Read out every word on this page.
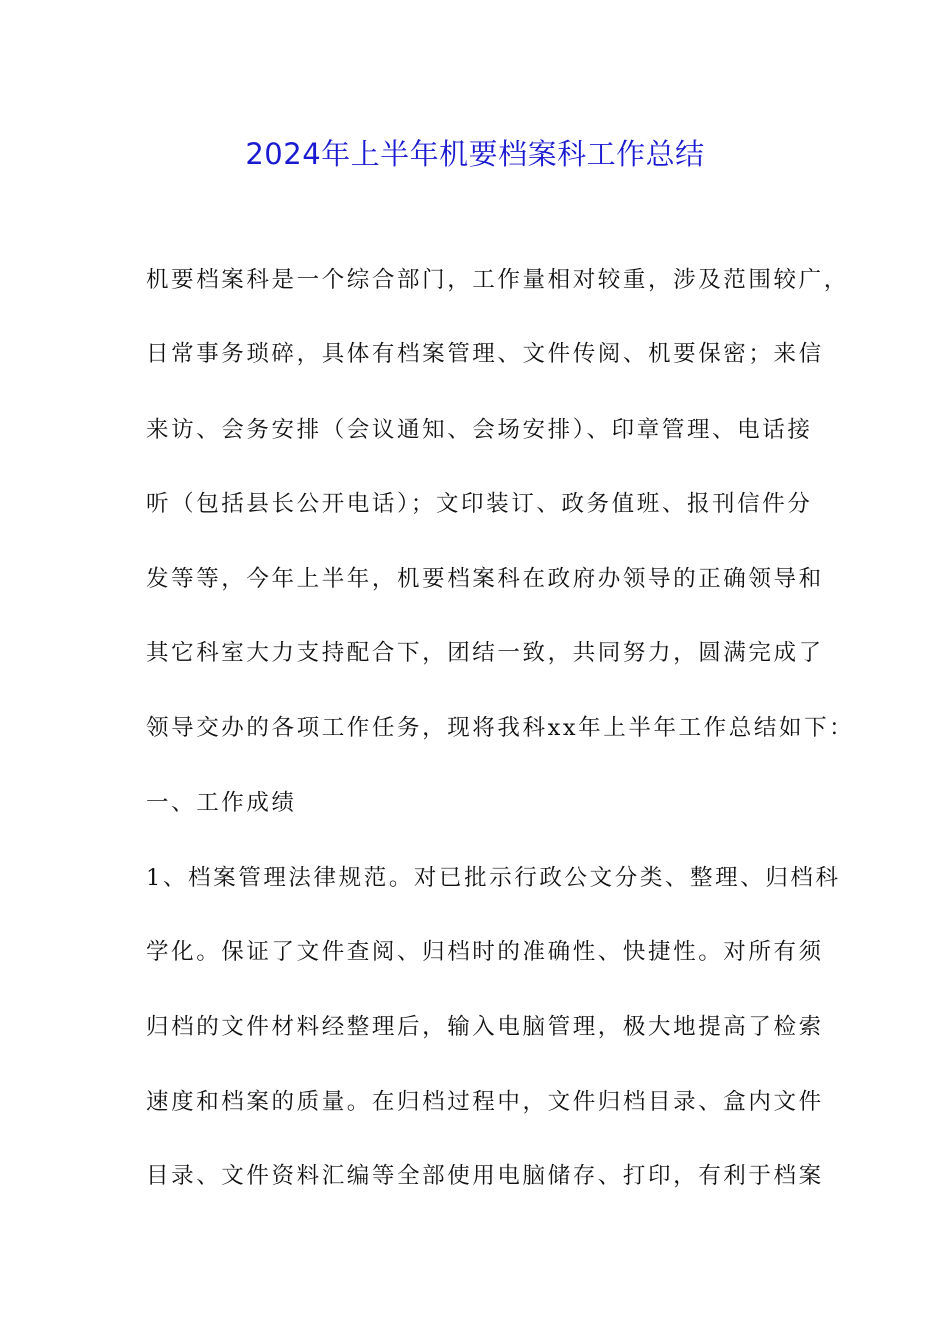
2024年上半年机要档案科工作总结
机要档案科是一个综合部门，工作量相对较重，涉及范围较广，
日常事务琐碎，具体有档案管理、文件传阅、机要保密；来信
来访、会务安排（会议通知、会场安排）、印章管理、电话接
听（包括县长公开电话）；文印装订、政务值班、报刊信件分
发等等，今年上半年，机要档案科在政府办领导的正确领导和
其它科室大力支持配合下，团结一致，共同努力，圆满完成了
领导交办的各项工作任务，现将我科xx年上半年工作总结如下：
一、工作成绩
1、档案管理法律规范。对已批示行政公文分类、整理、归档科
学化。保证了文件查阅、归档时的准确性、快捷性。对所有须
归档的文件材料经整理后，输入电脑管理，极大地提高了检索
速度和档案的质量。在归档过程中，文件归档目录、盒内文件
目录、文件资料汇编等全部使用电脑储存、打印，有利于档案
